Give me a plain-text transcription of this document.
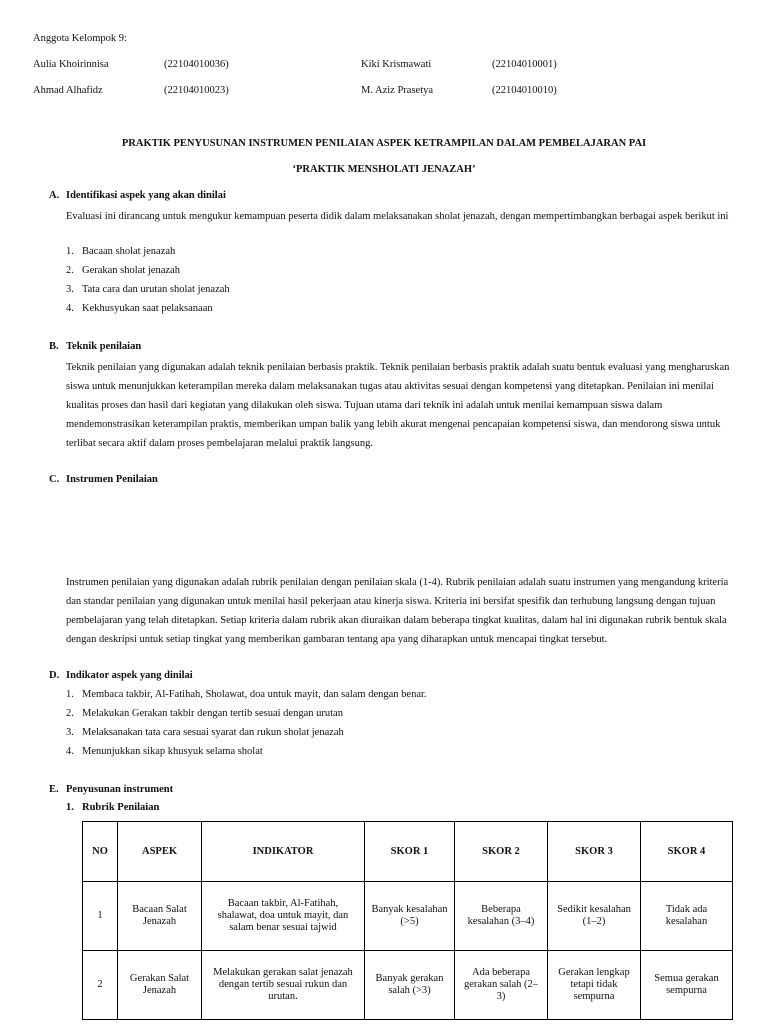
Anggota Kelompok 9:
Aulia Khoirinnisa	(22104010036)	Kiki Krismawati	(22104010001)
Ahmad Alhafidz	(22104010023)	M. Aziz Prasetya	(22104010010)
PRAKTIK PENYUSUNAN INSTRUMEN PENILAIAN ASPEK KETRAMPILAN DALAM PEMBELAJARAN PAI
‘PRAKTIK MENSHOLATI JENAZAH’
A. Identifikasi aspek yang akan dinilai
Evaluasi ini dirancang untuk mengukur kemampuan peserta didik dalam melaksanakan sholat jenazah, dengan mempertimbangkan berbagai aspek berikut ini
1. Bacaan sholat jenazah
2. Gerakan sholat jenazah
3. Tata cara dan urutan sholat jenazah
4. Kekhusyukan saat pelaksanaan
B. Teknik penilaian
Teknik penilaian yang digunakan adalah teknik penilaian berbasis praktik. Teknik penilaian berbasis praktik adalah suatu bentuk evaluasi yang mengharuskan siswa untuk menunjukkan keterampilan mereka dalam melaksanakan tugas atau aktivitas sesuai dengan kompetensi yang ditetapkan. Penilaian ini menilai kualitas proses dan hasil dari kegiatan yang dilakukan oleh siswa. Tujuan utama dari teknik ini adalah untuk menilai kemampuan siswa dalam mendemonstrasikan keterampilan praktis, memberikan umpan balik yang lebih akurat mengenai pencapaian kompetensi siswa, dan mendorong siswa untuk terlibat secara aktif dalam proses pembelajaran melalui praktik langsung.
C. Instrumen Penilaian
Instrumen penilaian yang digunakan adalah rubrik penilaian dengan penilaian skala (1-4). Rubrik penilaian adalah suatu instrumen yang mengandung kriteria dan standar penilaian yang digunakan untuk menilai hasil pekerjaan atau kinerja siswa. Kriteria ini bersifat spesifik dan terhubung langsung dengan tujuan pembelajaran yang telah ditetapkan. Setiap kriteria dalam rubrik akan diuraikan dalam beberapa tingkat kualitas, dalam hal ini digunakan rubrik bentuk skala dengan deskripsi untuk setiap tingkat yang memberikan gambaran tentang apa yang diharapkan untuk mencapai tingkat tersebut.
D. Indikator aspek yang dinilai
1. Membaca takbir, Al-Fatihah, Sholawat, doa untuk mayit, dan salam dengan benar.
2. Melakukan Gerakan takbir dengan tertib sesuai dengan urutan
3. Melaksanakan tata cara sesuai syarat dan rukun sholat jenazah
4. Menunjukkan sikap khusyuk selama sholat
E. Penyusunan instrument
1. Rubrik Penilaian
NO	ASPEK	INDIKATOR	SKOR 1	SKOR 2	SKOR 3	SKOR 4
1	Bacaan Salat Jenazah	Bacaan takbir, Al-Fatihah, shalawat, doa untuk mayit, dan salam benar sesuai tajwid	Banyak kesalahan (>5)	Beberapa kesalahan (3–4)	Sedikit kesalahan (1–2)	Tidak ada kesalahan
2	Gerakan Salat Jenazah	Melakukan gerakan salat jenazah dengan tertib sesuai rukun dan urutan.	Banyak gerakan salah (>3)	Ada beberapa gerakan salah (2–3)	Gerakan lengkap tetapi tidak sempurna	Semua gerakan sempurna
